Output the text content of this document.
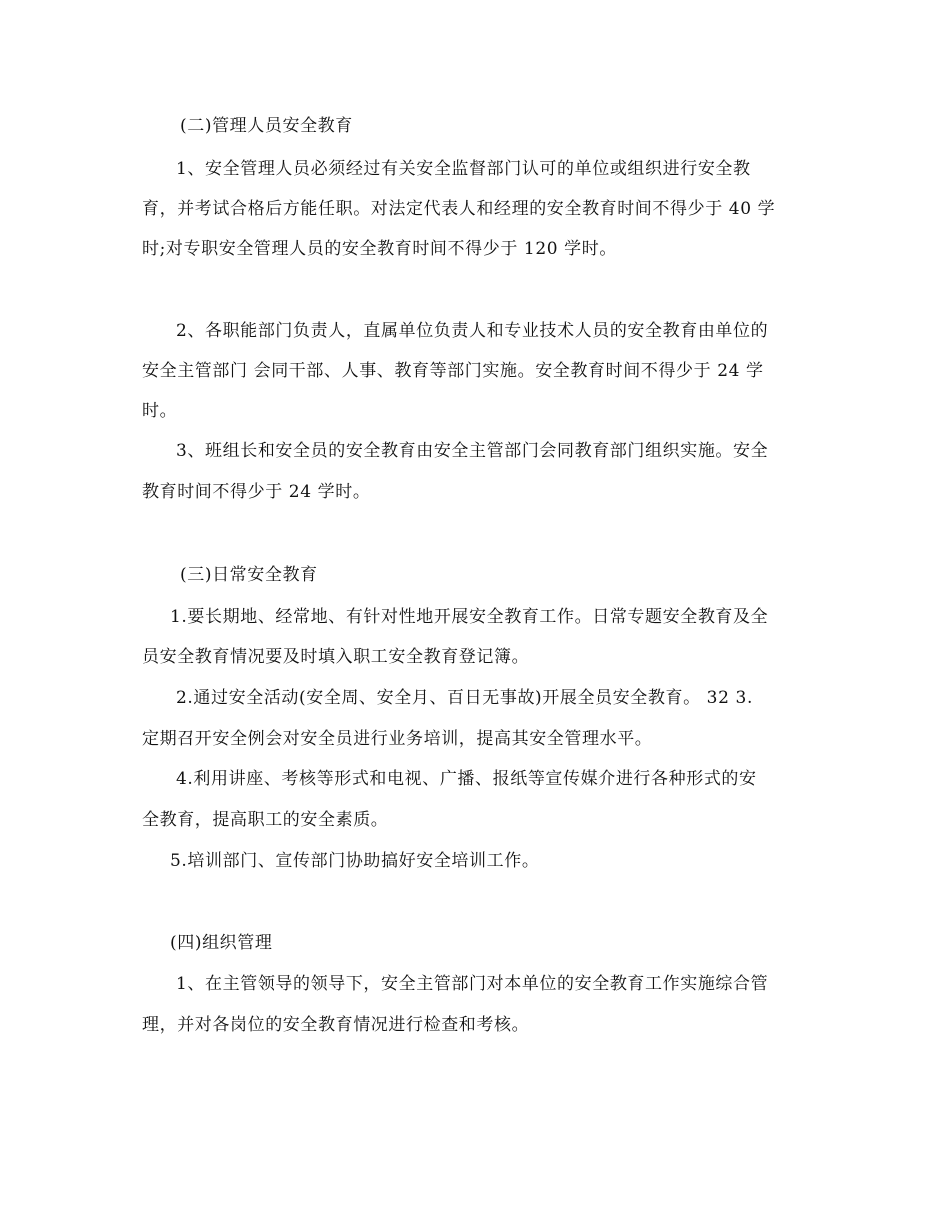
(二)管理人员安全教育
1、安全管理人员必须经过有关安全监督部门认可的单位或组织进行安全教
育，并考试合格后方能任职。对法定代表人和经理的安全教育时间不得少于 40 学
时;对专职安全管理人员的安全教育时间不得少于 120 学时。
2、各职能部门负责人，直属单位负责人和专业技术人员的安全教育由单位的
安全主管部门 会同干部、人事、教育等部门实施。安全教育时间不得少于 24 学
时。
3、班组长和安全员的安全教育由安全主管部门会同教育部门组织实施。安全
教育时间不得少于 24 学时。
(三)日常安全教育
1.要长期地、经常地、有针对性地开展安全教育工作。日常专题安全教育及全
员安全教育情况要及时填入职工安全教育登记簿。
2.通过安全活动(安全周、安全月、百日无事故)开展全员安全教育。 32 3.
定期召开安全例会对安全员进行业务培训，提高其安全管理水平。
4.利用讲座、考核等形式和电视、广播、报纸等宣传媒介进行各种形式的安
全教育，提高职工的安全素质。
5.培训部门、宣传部门协助搞好安全培训工作。
(四)组织管理
1、在主管领导的领导下，安全主管部门对本单位的安全教育工作实施综合管
理，并对各岗位的安全教育情况进行检查和考核。
